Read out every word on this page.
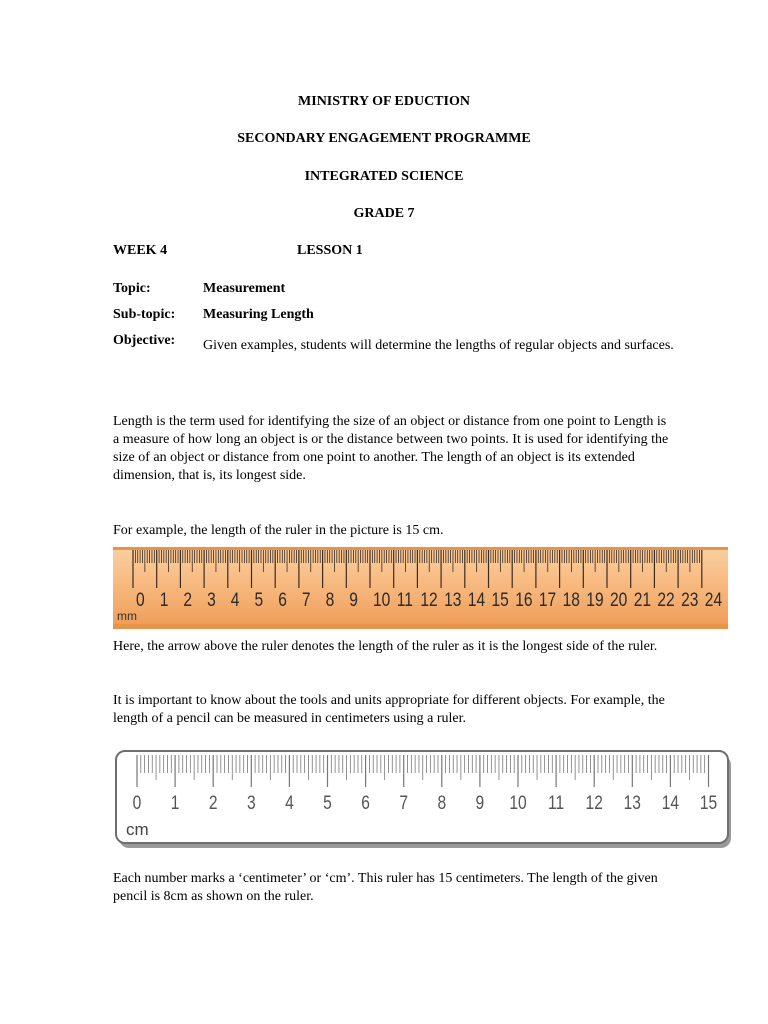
MINISTRY OF EDUCTION
SECONDARY ENGAGEMENT PROGRAMME
INTEGRATED SCIENCE
GRADE 7
WEEK 4	LESSON 1
Topic:	Measurement
Sub-topic: Measuring Length
Objective: Given examples, students will determine the lengths of regular objects and surfaces.
Length is the term used for identifying the size of an object or distance from one point to Length is a measure of how long an object is or the distance between two points. It is used for identifying the size of an object or distance from one point to another. The length of an object is its extended dimension, that is, its longest side.
For example, the length of the ruler in the picture is 15 cm.
0 1 2 3 4 5 6 7 8 9 10 11 12 13 14 15 16 17 18 19 20 21 22 23 24
mm
Here, the arrow above the ruler denotes the length of the ruler as it is the longest side of the ruler.
It is important to know about the tools and units appropriate for different objects. For example, the length of a pencil can be measured in centimeters using a ruler.
0 1 2 3 4 5 6 7 8 9 10 11 12 13 14 15
cm
Each number marks a ‘centimeter’ or ‘cm’. This ruler has 15 centimeters. The length of the given pencil is 8cm as shown on the ruler.
